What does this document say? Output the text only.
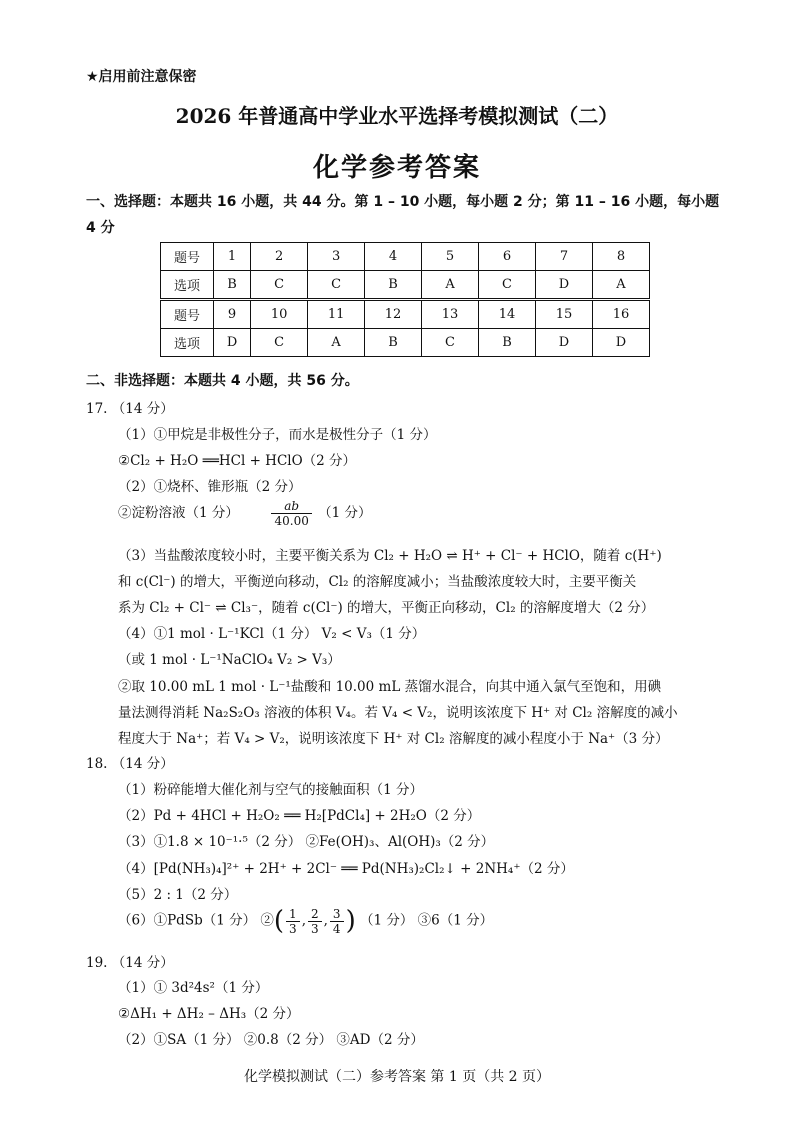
★启用前注意保密
2026 年普通高中学业水平选择考模拟测试（二）
化学参考答案
一、选择题：本题共 16 小题，共 44 分。第 1 – 10 小题，每小题 2 分；第 11 – 16 小题，每小题 4 分
题号	1	2	3	4	5	6	7	8
选项	B	C	C	B	A	C	D	A
题号	9	10	11	12	13	14	15	16
选项	D	C	A	B	C	B	D	D
二、非选择题：本题共 4 小题，共 56 分。
17. （14 分）
（1）①甲烷是非极性分子，而水是极性分子（1 分）
②Cl₂ + H₂O ══HCl + HClO（2 分）
（2）①烧杯、锥形瓶（2 分）
②淀粉溶液（1 分）	$\frac{ab}{40.00} (1$ 分）
（3）当盐酸浓度较小时，主要平衡关系为 Cl₂ + H₂O ⇌ H⁺ + Cl⁻ + HClO，随着 c(H⁺)
和 c(Cl⁻) 的增大，平衡逆向移动，Cl₂ 的溶解度减小；当盐酸浓度较大时，主要平衡关
系为 Cl₂ + Cl⁻ ⇌ Cl₃⁻，随着 c(Cl⁻) 的增大，平衡正向移动，Cl₂ 的溶解度增大（2 分）
（4）①1 mol · L⁻¹KCl（1 分） V₂ < V₃（1 分）
（或 1 mol · L⁻¹NaClO₄ V₂ > V₃）
②取 10.00 mL 1 mol · L⁻¹盐酸和 10.00 mL 蒸馏水混合，向其中通入氯气至饱和，用碘
量法测得消耗 Na₂S₂O₃ 溶液的体积 V₄。若 V₄ < V₂，说明该浓度下 H⁺ 对 Cl₂ 溶解度的减小
程度大于 Na⁺；若 V₄ > V₂，说明该浓度下 H⁺ 对 Cl₂ 溶解度的减小程度小于 Na⁺（3 分）
18. （14 分）
（1）粉碎能增大催化剂与空气的接触面积（1 分）
（2）Pd + 4HCl + H₂O₂ ══ H₂[PdCl₄] + 2H₂O（2 分）
（3）①1.8 × 10⁻¹·⁵（2 分） ②Fe(OH)₃、Al(OH)₃（2 分）
（4）[Pd(NH₃)₄]²⁺ + 2H⁺ + 2Cl⁻ ══ Pd(NH₃)₂Cl₂↓ + 2NH₄⁺（2 分）
（5）2 : 1（2 分）
（6）①PdSb（1 分） ②( $\frac{1}{3}$ , $\frac{2}{3}$ , $\frac{3}{4}$ ) （1 分） ③6（1 分）
19. （14 分）
（1）① 3d²4s²（1 分）
②ΔH₁ + ΔH₂ – ΔH₃（2 分）
（2）①SA（1 分） ②0.8（2 分） ③AD（2 分）
化学模拟测试（二）参考答案 第 1 页（共 2 页）
